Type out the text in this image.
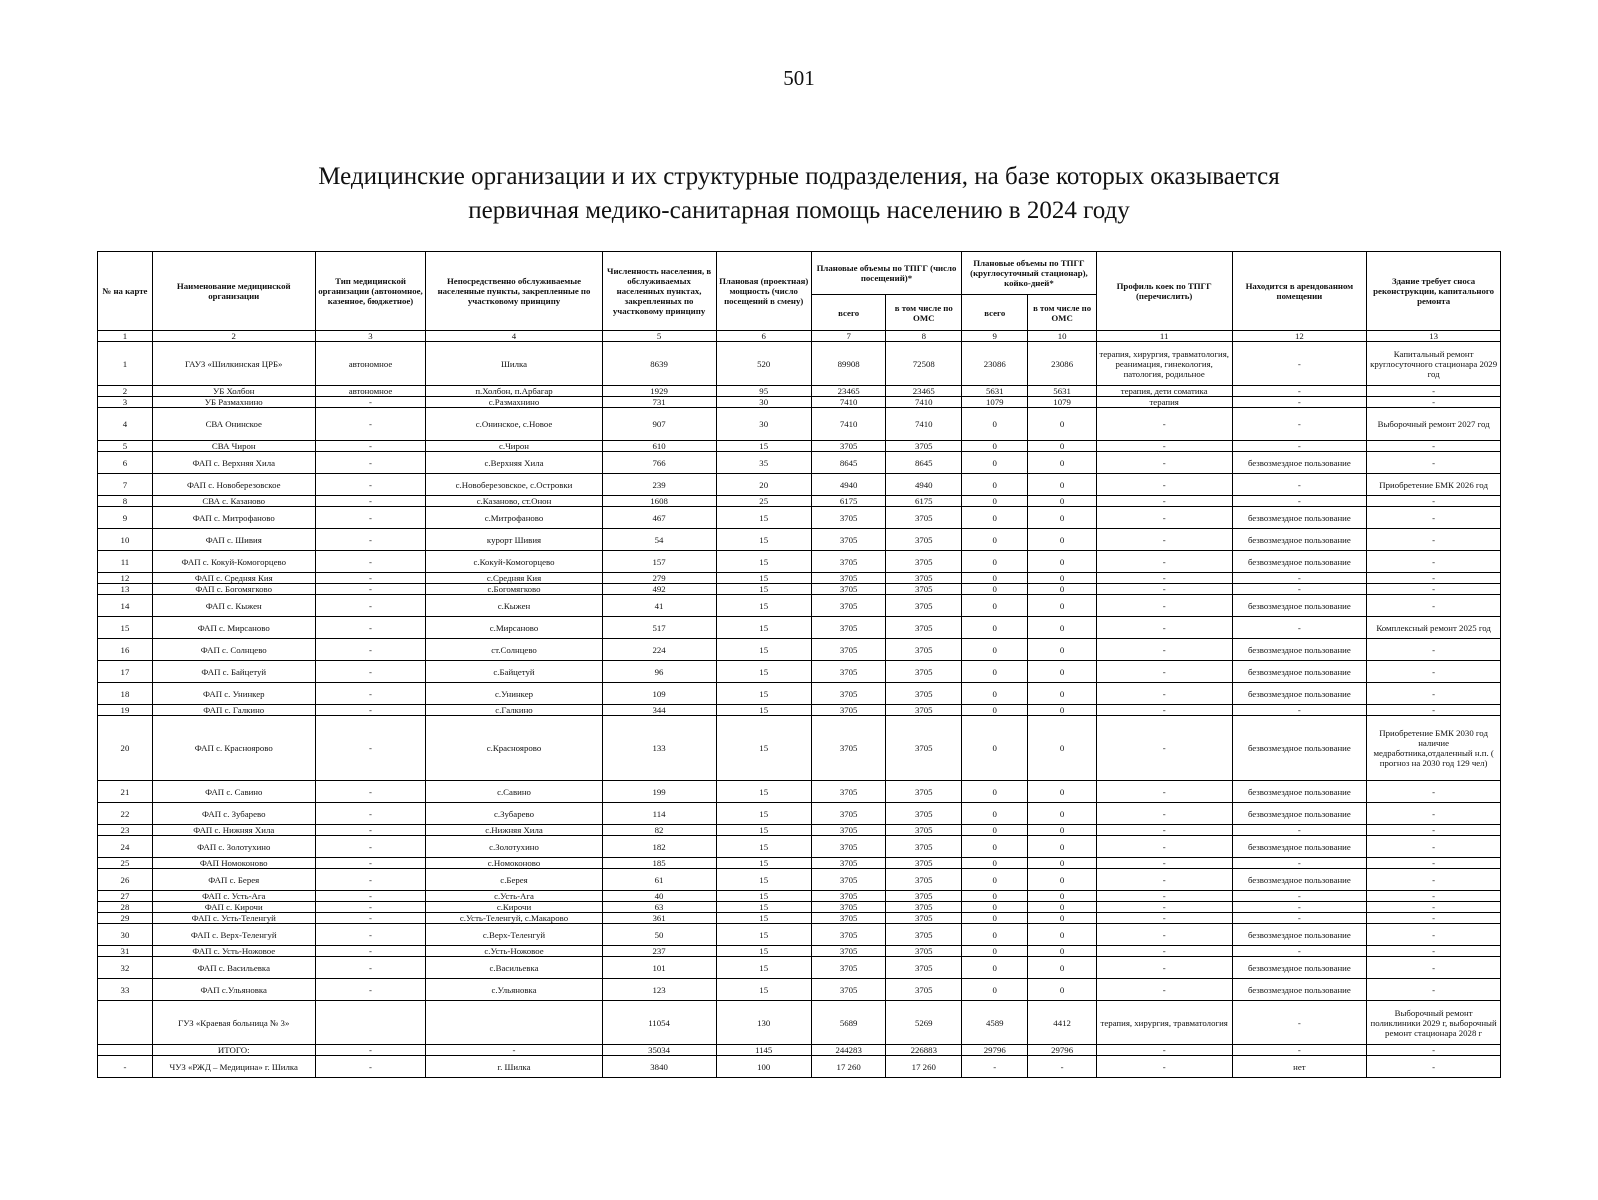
501
Медицинские организации и их структурные подразделения, на базе которых оказывается
первичная медико-санитарная помощь населению в 2024 году
№ на карте	Наименование медицинской организации	Тип медицинской организации (автономное, казенное, бюджетное)	Непосредственно обслуживаемые населенные пункты, закрепленные по участковому принципу	Численность населения, в обслуживаемых населенных пунктах, закрепленных по участковому принципу	Плановая (проектная) мощность (число посещений в смену)	Плановые объемы по ТПГГ (число посещений)*		Плановые объемы по ТПГГ (круглосуточный стационар), койко-дней*		Профиль коек по ТПГГ (перечислить)	Находится в арендованном помещении	Здание требует сноса реконструкции, капитального ремонта
						всего	в том числе по ОМС	всего	в том числе по ОМС			
1	2	3	4	5	6	7	8	9	10	11	12	13
1	ГАУЗ «Шилкинская ЦРБ»	автономное	Шилка	8639	520	89908	72508	23086	23086	терапия, хирургия, травматология, реанимация, гинекология, патология, родильное	-	Капитальный ремонт круглосуточного стационара 2029 год
2	УБ Холбон	автономное	п.Холбон, п.Арбагар	1929	95	23465	23465	5631	5631	терапия, дети соматика	-	-
3	УБ Размахнино	-	с.Размахнино	731	30	7410	7410	1079	1079	терапия	-	-
4	СВА Онинское	-	с.Онинское, с.Новое	907	30	7410	7410	0	0	-	-	Выборочный ремонт 2027 год
5	СВА Чирон	-	с.Чирон	610	15	3705	3705	0	0	-	-	-
6	ФАП с. Верхняя Хила	-	с.Верхняя Хила	766	35	8645	8645	0	0	-	безвозмездное пользование	-
7	ФАП с. Новоберезовское	-	с.Новоберезовское, с.Островки	239	20	4940	4940	0	0	-	-	Приобретение БМК 2026 год
8	СВА с. Казаново	-	с.Казаново, ст.Онон	1608	25	6175	6175	0	0	-	-	-
9	ФАП с. Митрофаново	-	с.Митрофаново	467	15	3705	3705	0	0	-	безвозмездное пользование	-
10	ФАП с. Шивия	-	курорт Шивия	54	15	3705	3705	0	0	-	безвозмездное пользование	-
11	ФАП с. Кокуй-Комогорцево	-	с.Кокуй-Комогорцево	157	15	3705	3705	0	0	-	безвозмездное пользование	-
12	ФАП с. Средняя Кия	-	с.Средняя Кия	279	15	3705	3705	0	0	-	-	-
13	ФАП с. Богомягково	-	с.Богомягково	492	15	3705	3705	0	0	-	-	-
14	ФАП с. Кыжен	-	с.Кыжен	41	15	3705	3705	0	0	-	безвозмездное пользование	-
15	ФАП с. Мирсаново	-	с.Мирсаново	517	15	3705	3705	0	0	-	-	Комплексный ремонт 2025 год
16	ФАП с. Солнцево	-	ст.Солнцево	224	15	3705	3705	0	0	-	безвозмездное пользование	-
17	ФАП с. Байцетуй	-	с.Байцетуй	96	15	3705	3705	0	0	-	безвозмездное пользование	-
18	ФАП с. Унинкер	-	с.Унинкер	109	15	3705	3705	0	0	-	безвозмездное пользование	-
19	ФАП с. Галкино	-	с.Галкино	344	15	3705	3705	0	0	-	-	-
20	ФАП с. Красноярово	-	с.Красноярово	133	15	3705	3705	0	0	-	безвозмездное пользование	Приобретение БМК 2030 год наличие медработника,отдаленный н.п. ( прогноз на 2030 год 129 чел)
21	ФАП с. Савино	-	с.Савино	199	15	3705	3705	0	0	-	безвозмездное пользование	-
22	ФАП с. Зубарево	-	с.Зубарево	114	15	3705	3705	0	0	-	безвозмездное пользование	-
23	ФАП с. Нижняя Хила	-	с.Нижняя Хила	82	15	3705	3705	0	0	-	-	-
24	ФАП с. Золотухино	-	с.Золотухино	182	15	3705	3705	0	0	-	безвозмездное пользование	-
25	ФАП Номоконово	-	с.Номоконово	185	15	3705	3705	0	0	-	-	-
26	ФАП с. Берея	-	с.Берея	61	15	3705	3705	0	0	-	безвозмездное пользование	-
27	ФАП с. Усть-Ага	-	с.Усть-Ага	40	15	3705	3705	0	0	-	-	-
28	ФАП с. Кирочи	-	с.Кирочи	63	15	3705	3705	0	0	-	-	-
29	ФАП с. Усть-Теленгуй	-	с.Усть-Теленгуй, с.Макарово	361	15	3705	3705	0	0	-	-	-
30	ФАП с. Верх-Теленгуй	-	с.Верх-Теленгуй	50	15	3705	3705	0	0	-	безвозмездное пользование	-
31	ФАП с. Усть-Ножовое	-	с.Усть-Ножовое	237	15	3705	3705	0	0	-	-	-
32	ФАП с. Васильевка	-	с.Васильевка	101	15	3705	3705	0	0	-	безвозмездное пользование	-
33	ФАП с.Ульяновка	-	с.Ульяновка	123	15	3705	3705	0	0	-	безвозмездное пользование	-
	ГУЗ «Краевая больница № 3»			11054	130	5689	5269	4589	4412	терапия, хирургия, травматология	-	Выборочный ремонт поликлиники 2029 г, выборочный ремонт стационара 2028 г
	ИТОГО:	-	-	35034	1145	244283	226883	29796	29796	-	-	-
-	ЧУЗ «РЖД – Медицина» г. Шилка	-	г. Шилка	3840	100	17 260	17 260	-	-	-	нет	-
